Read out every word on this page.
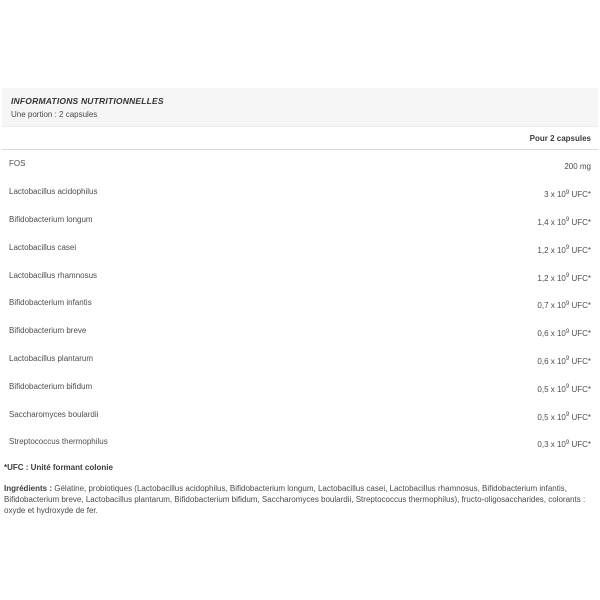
INFORMATIONS NUTRITIONNELLES
Une portion : 2 capsules
Pour 2 capsules
FOS	200 mg
Lactobacillus acidophilus	3 x $10^9$ UFC*
Bifidobacterium longum	1,4 x $10^9$ UFC*
Lactobacillus casei	1,2 x $10^9$ UFC*
Lactobacillus rhamnosus	1,2 x $10^9$ UFC*
Bifidobacterium infantis	0,7 x $10^9$ UFC*
Bifidobacterium breve	0,6 x $10^9$ UFC*
Lactobacillus plantarum	0,6 x $10^9$ UFC*
Bifidobacterium bifidum	0,5 x $10^9$ UFC*
Saccharomyces boulardii	0,5 x $10^9$ UFC*
Streptococcus thermophilus	0,3 x $10^9$ UFC*
*UFC : Unité formant colonie
Ingrédients : Gélatine, probiotiques (Lactobacillus acidophilus, Bifidobacterium longum, Lactobacillus casei, Lactobacillus rhamnosus, Bifidobacterium infantis, Bifidobacterium breve, Lactobacillus plantarum, Bifidobacterium bifidum, Saccharomyces boulardii, Streptococcus thermophilus), fructo-oligosaccharides, colorants : oxyde et hydroxyde de fer.
